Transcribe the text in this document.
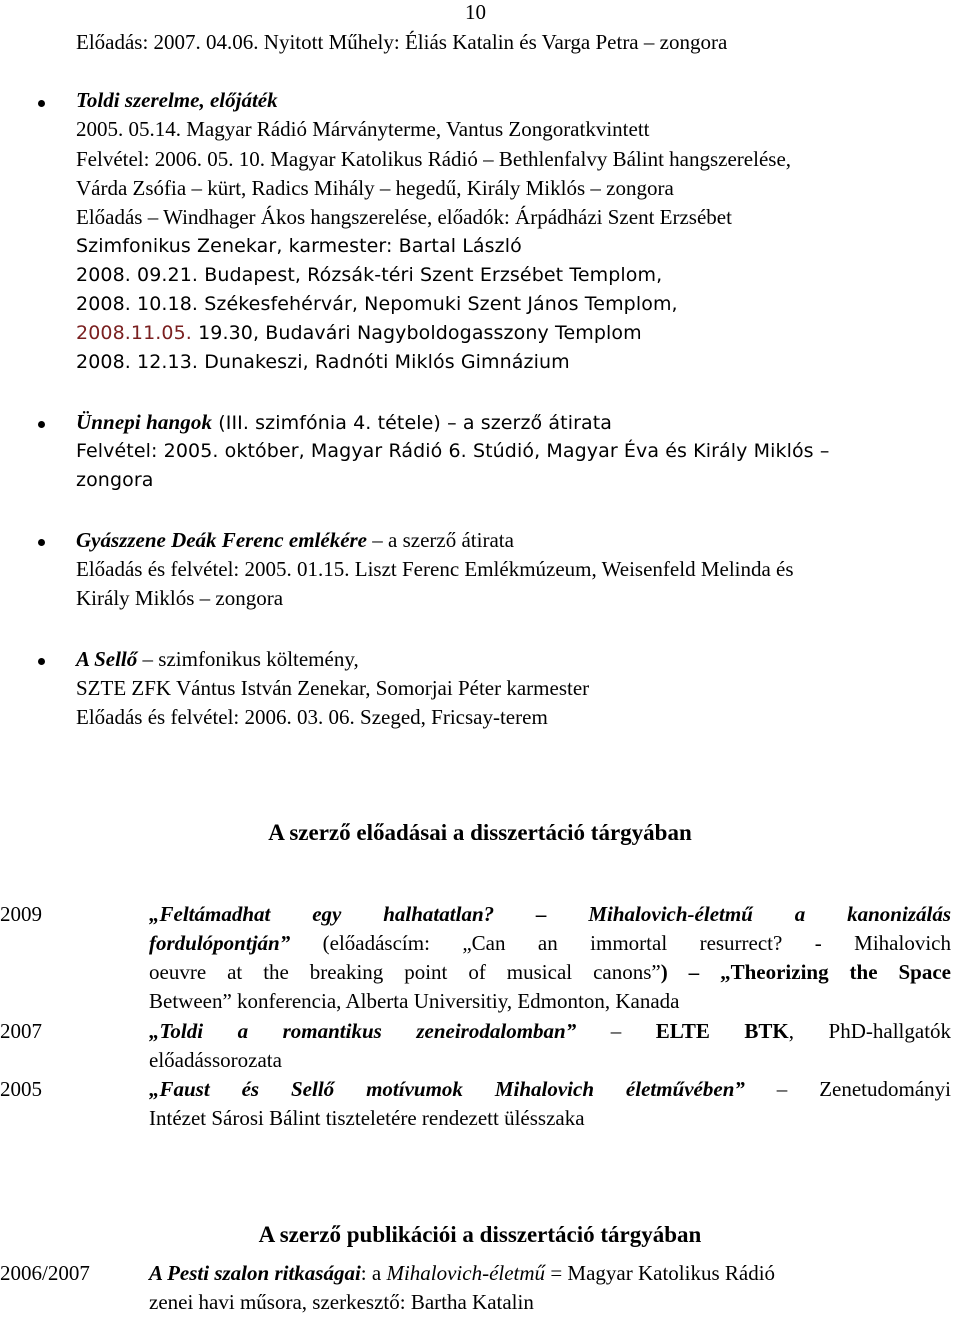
10
Előadás: 2007. 04.06. Nyitott Műhely: Éliás Katalin és Varga Petra – zongora
Toldi szerelme, előjáték
2005. 05.14. Magyar Rádió Márványterme, Vantus Zongoratkvintett
Felvétel: 2006. 05. 10. Magyar Katolikus Rádió – Bethlenfalvy Bálint hangszerelése,
Várda Zsófia – kürt, Radics Mihály – hegedű, Király Miklós – zongora
Előadás – Windhager Ákos hangszerelése, előadók: Árpádházi Szent Erzsébet
Szimfonikus Zenekar, karmester: Bartal László
2008. 09.21. Budapest, Rózsák-téri Szent Erzsébet Templom,
2008. 10.18. Székesfehérvár, Nepomuki Szent János Templom,
2008.11.05. 19.30, Budavári Nagyboldogasszony Templom
2008. 12.13. Dunakeszi, Radnóti Miklós Gimnázium
Ünnepi hangok (III. szimfónia 4. tétele) – a szerző átirata
Felvétel: 2005. október, Magyar Rádió 6. Stúdió, Magyar Éva és Király Miklós –
zongora
Gyászzene Deák Ferenc emlékére – a szerző átirata
Előadás és felvétel: 2005. 01.15. Liszt Ferenc Emlékmúzeum, Weisenfeld Melinda és
Király Miklós – zongora
A Sellő – szimfonikus költemény,
SZTE ZFK Vántus István Zenekar, Somorjai Péter karmester
Előadás és felvétel: 2006. 03. 06. Szeged, Fricsay-terem
A szerző előadásai a disszertáció tárgyában
2009	„Feltámadhat egy halhatatlan? – Mihalovich-életmű a kanonizálás
fordulópontján” (előadáscím: „Can an immortal resurrect? - Mihalovich
oeuvre at the breaking point of musical canons”) – „Theorizing the Space
Between” konferencia, Alberta Universitiy, Edmonton, Kanada
2007	„Toldi a romantikus zeneirodalomban” – ELTE BTK, PhD-hallgatók
előadássorozata
2005	„Faust és Sellő motívumok Mihalovich életművében” – Zenetudományi
Intézet Sárosi Bálint tiszteletére rendezett ülésszaka
A szerző publikációi a disszertáció tárgyában
2006/2007	A Pesti szalon ritkaságai: a Mihalovich-életmű = Magyar Katolikus Rádió
zenei havi műsora, szerkesztő: Bartha Katalin
